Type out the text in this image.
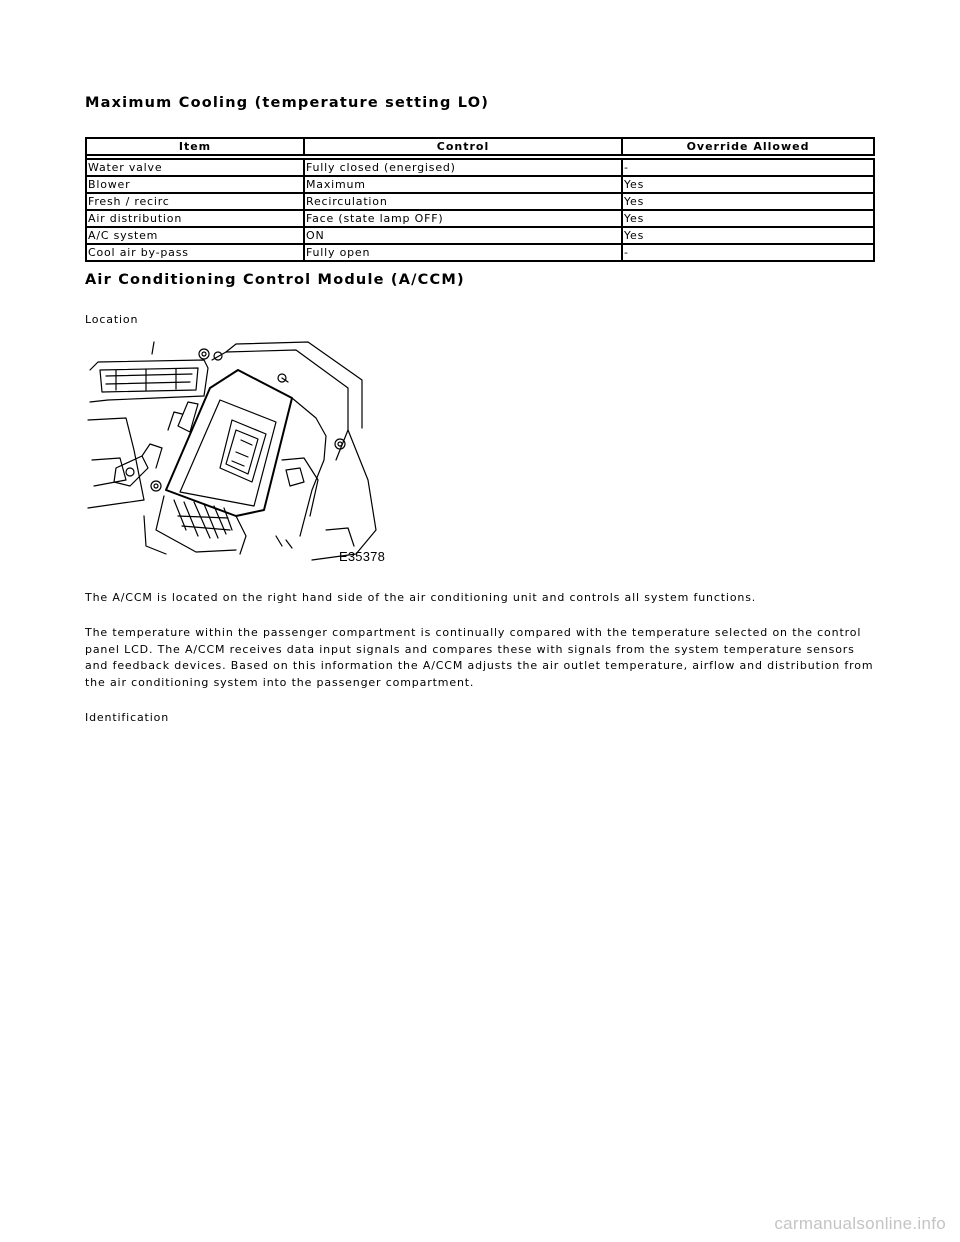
Maximum Cooling (temperature setting LO)
Item	Control	Override Allowed

Water valve	Fully closed (energised)	-
Blower	Maximum	Yes
Fresh / recirc	Recirculation	Yes
Air distribution	Face (state lamp OFF)	Yes
A/C system	ON	Yes
Cool air by-pass	Fully open	-
Air Conditioning Control Module (A/CCM)

Location

E35378

The A/CCM is located on the right hand side of the air conditioning unit and controls all system functions.

The temperature within the passenger compartment is continually compared with the temperature selected on the control
panel LCD. The A/CCM receives data input signals and compares these with signals from the system temperature sensors
and feedback devices. Based on this information the A/CCM adjusts the air outlet temperature, airflow and distribution from
the air conditioning system into the passenger compartment.

Identification

carmanualsonline.info
